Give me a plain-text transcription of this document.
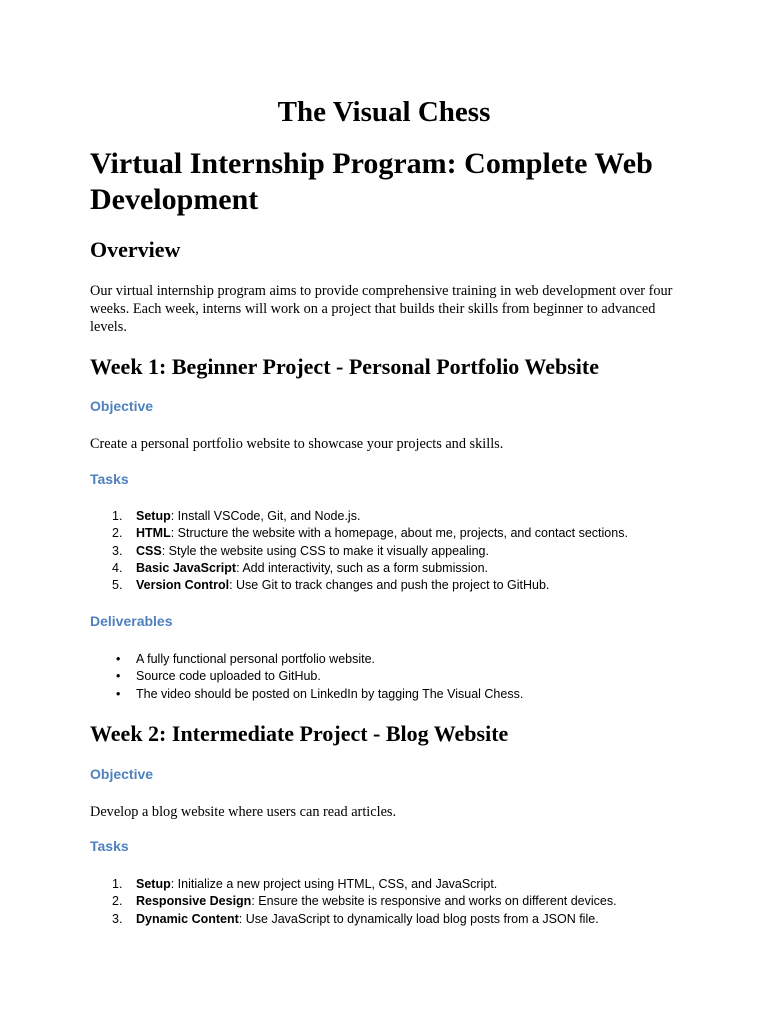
The Visual Chess
Virtual Internship Program: Complete Web Development
Overview
Our virtual internship program aims to provide comprehensive training in web development over four weeks. Each week, interns will work on a project that builds their skills from beginner to advanced levels.
Week 1: Beginner Project - Personal Portfolio Website
Objective
Create a personal portfolio website to showcase your projects and skills.
Tasks
1.	Setup: Install VSCode, Git, and Node.js.
2.	HTML: Structure the website with a homepage, about me, projects, and contact sections.
3.	CSS: Style the website using CSS to make it visually appealing.
4.	Basic JavaScript: Add interactivity, such as a form submission.
5.	Version Control: Use Git to track changes and push the project to GitHub.
Deliverables
•	A fully functional personal portfolio website.
•	Source code uploaded to GitHub.
•	The video should be posted on LinkedIn by tagging The Visual Chess.
Week 2: Intermediate Project - Blog Website
Objective
Develop a blog website where users can read articles.
Tasks
1.	Setup: Initialize a new project using HTML, CSS, and JavaScript.
2.	Responsive Design: Ensure the website is responsive and works on different devices.
3.	Dynamic Content: Use JavaScript to dynamically load blog posts from a JSON file.
